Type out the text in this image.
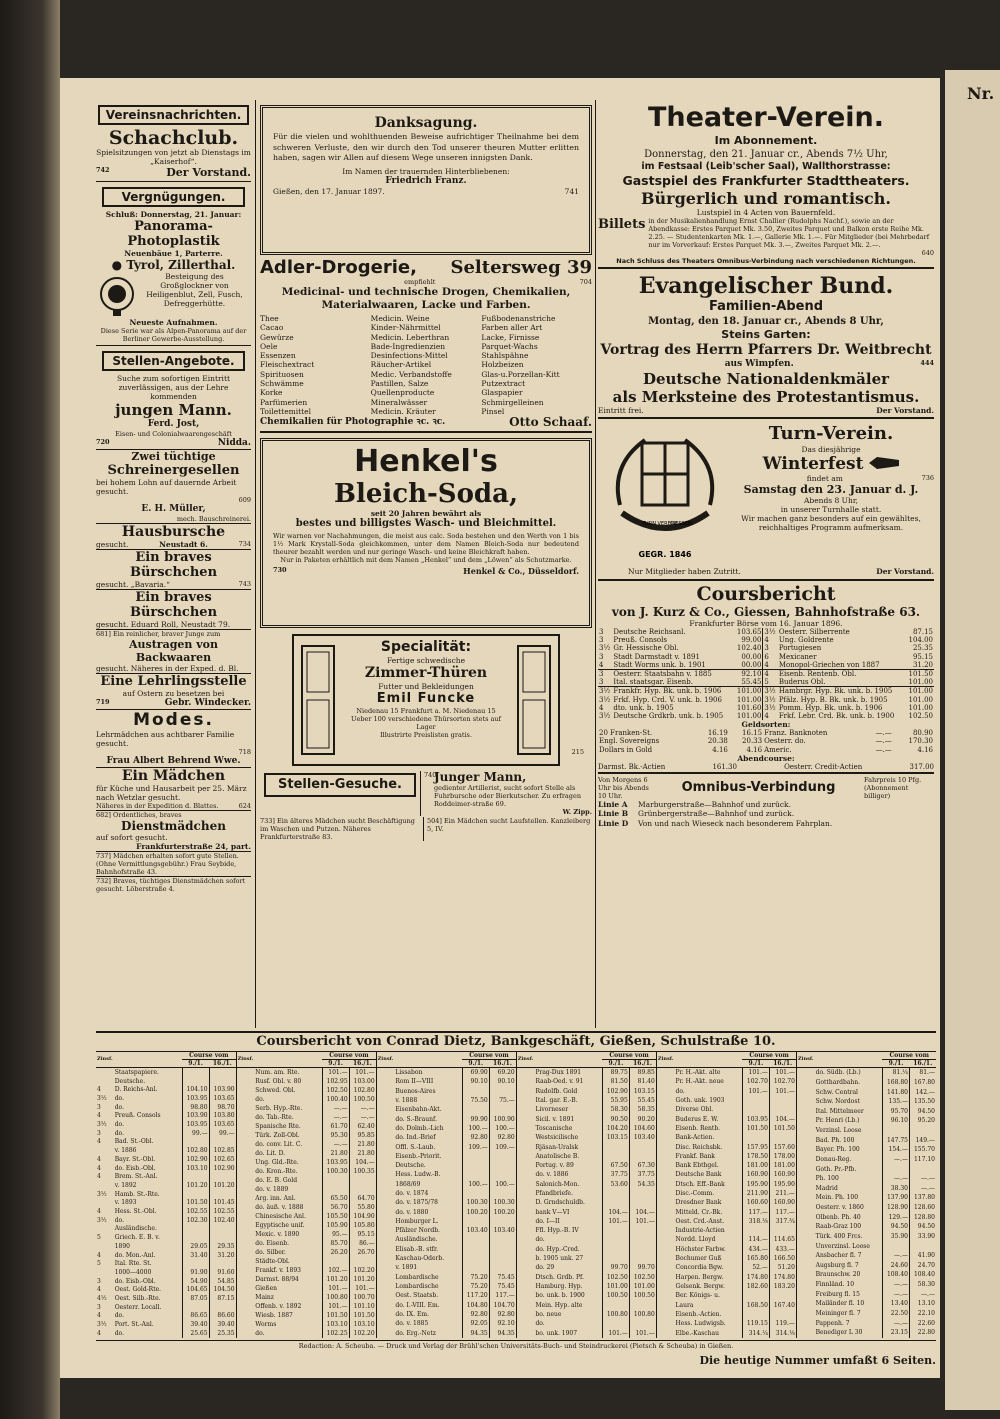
Nr.
Vereinsnachrichten.
Schachclub.
Spielsitzungen von jetzt ab Dienstags im „Kaiserhof“.
742	Der Vorstand.
Vergnügungen.
Schluß: Donnerstag, 21. Januar:
Panorama-Photoplastik
Neuenbäue 1, Parterre.
● Tyrol, Zillerthal.
Besteigung des Großglockner von Heiligenblut, Zell, Fusch, Defreggerhütte.
Neueste Aufnahmen.
Diese Serie war als Alpen-Panorama auf der Berliner Gewerbe-Ausstellung.
Stellen-Angebote.
Suche zum sofortigen Eintritt zuverlässigen, aus der Lehre kommenden
jungen Mann.
Ferd. Jost,
Eisen- und Colonialwaarengeschäft
720	Nidda.
Zwei tüchtige
Schreinergesellen
bei hohem Lohn auf dauernde Arbeit gesucht.
609
E. H. Müller,
mech. Bauschreinerei.
Hausbursche
gesucht.	Neustadt 6.	734
Ein braves Bürschchen
gesucht. „Bavaria.“	743
Ein braves Bürschchen
gesucht. Eduard Roll, Neustadt 79.
681] Ein reinlicher, braver Junge zum
Austragen von Backwaaren
gesucht. Näheres in der Exped. d. Bl.
Eine Lehrlingsstelle
auf Ostern zu besetzen bei
719	Gebr. Windecker.
Modes.
Lehrmädchen aus achtbarer Familie gesucht.
718
Frau Albert Behrend Wwe.
Ein Mädchen
für Küche und Hausarbeit per 25. März nach Wetzlar gesucht.
Näheres in der Expedition d. Blattes.	624
682] Ordentliches, braves
Dienstmädchen
auf sofort gesucht.
Frankfurterstraße 24, part.
737] Mädchen erhalten sofort gute Stellen. (Ohne Vermittlungsgebühr.) Frau Seybide, Bahnhofstraße 43.
732] Braves, tüchtiges Dienstmädchen sofort gesucht. Löberstraße 4.
Danksagung.
Für die vielen und wohlthuenden Beweise aufrichtiger Theilnahme bei dem schweren Verluste, den wir durch den Tod unserer theuren Mutter erlitten haben, sagen wir Allen auf diesem Wege unseren innigsten Dank.
Im Namen der trauernden Hinterbliebenen:
Friedrich Franz.
Gießen, den 17. Januar 1897.	741
Adler-Drogerie, Seltersweg 39
empfiehlt	704
Medicinal- und technische Drogen, Chemikalien,
Materialwaaren, Lacke und Farben.
Thee
Cacao
Gewürze
Oele
Essenzen
Fleischextract
Spirituosen
Schwämme
Korke
Parfümerien
Toilettemittel
Medicin. Weine
Kinder-Nährmittel
Medicin. Leberthran
Bade-Ingredienzien
Desinfections-Mittel
Räucher-Artikel
Medic. Verbandstoffe
Pastillen, Salze
Quellenproducte
Mineralwässer
Medicin. Kräuter
Fußbodenanstriche
Farben aller Art
Lacke, Firnisse
Parquet-Wachs
Stahlspähne
Holzbeizen
Glas-u.Porzellan-Kitt
Putzextract
Glaspapier
Schmirgelleinen
Pinsel
Chemikalien für Photographie ꝛc. ꝛc.	Otto Schaaf.
Henkel's
Bleich-Soda,
seit 20 Jahren bewährt als
bestes und billigstes Wasch- und Bleichmittel.
Wir warnen vor Nachahmungen, die meist aus calc. Soda bestehen und den Werth von 1 bis 1½ Mark Krystall-Soda gleichkommen, unter dem Namen Bleich-Soda nur bedeutend theurer bezahlt werden und nur geringe Wasch- und keine Bleichkraft haben.
Nur in Paketen erhältlich mit dem Namen „Henkel“ und dem „Löwen“ als Schutzmarke.
730	Henkel & Co., Düsseldorf.
Specialität:
Fertige schwedische
Zimmer-Thüren
Futter und Bekleidungen
Emil Funcke
Niedenau 15 Frankfurt a. M. Niedenau 15
Ueber 100 verschiedene Thürsorten stets auf Lager
Illustrirte Preislisten gratis.
215
Stellen-Gesuche.
740
Junger Mann,
gedienter Artillerist, sucht sofort Stelle als Fuhrbursche oder Bierkutscher. Zu erfragen Roddeimer-straße 69.
W. Zipp.
733] Ein älteres Mädchen sucht Beschäftigung im Waschen und Putzen. Näheres Frankfurterstraße 83.
504] Ein Mädchen sucht Laufstellen. Kanzleiberg 5, IV.
Theater-Verein.
Im Abonnement.
Donnerstag, den 21. Januar cr., Abends 7½ Uhr,
im Festsaal (Leib'scher Saal), Wallthorstrasse:
Gastspiel des Frankfurter Stadttheaters.
Bürgerlich und romantisch.
Lustspiel in 4 Acten von Bauernfeld.
Billets in der Musikalienhandlung Ernst Challier (Rudolphs Nachf.), sowie an der Abendkasse: Erstes Parquet Mk. 3.50, Zweites Parquet und Balkon erste Reihe Mk. 2.25. — Studentenkarten Mk. 1.—, Gallerie Mk. 1.—. Für Mitglieder (bei Mehrbedarf nur im Vorverkauf: Erstes Parquet Mk. 3.—, Zweites Parquet Mk. 2.—.
640
Nach Schluss des Theaters Omnibus-Verbindung nach verschiedenen Richtungen.
Evangelischer Bund.
Familien-Abend
Montag, den 18. Januar cr., Abends 8 Uhr,
Steins Garten:
Vortrag des Herrn Pfarrers Dr. Weitbrecht
aus Wimpfen.	444
Deutsche Nationaldenkmäler
als Merksteine des Protestantismus.
Eintritt frei.	Der Vorstand.
GEGR. 1846
TURN VEREIN
GIESSEN
Turn-Verein.
Das diesjährige
Winterfest
findet am	736
Samstag den 23. Januar d. J.
Abends 8 Uhr,
in unserer Turnhalle statt.
Wir machen ganz besonders auf ein gewähltes, reichhaltiges Programm aufmerksam.
Nur Mitglieder haben Zutritt.	Der Vorstand.
Coursbericht
von J. Kurz & Co., Giessen, Bahnhofstraße 63.
Frankfurter Börse vom 16. Januar 1896.
3	Deutsche Reichsanl.	103.65	3½	Oesterr. Silberrente	87.15
3	Preuß. Consols	99.00	4	Ung. Goldrente	104.00
3½	Gr. Hessische Obl.	102.40	3	Portugiesen	25.35
3	Stadt Darmstadt v. 1891	00.00	6	Mexicaner	95.15
4	Stadt Worms unk. b. 1901	00.00	4	Monopol-Griechen von 1887	31.20
3	Oesterr. Staatsbahn v. 1885	92.10	4	Eisenb. Rentenb. Obl.	101.50
3	Ital. staatsgar. Eisenb.	55.45	5	Buderus Obl.	101.00
3½	Frankfr. Hyp. Bk. unk. b. 1906	101.00	3½	Hambrgr. Hyp. Bk. unk. b. 1905	101.00
3½	Frkf. Hyp. Crd. V. unk. b. 1906	101.00	3½	Pfälz. Hyp. B. Bk. unk. b. 1905	101.00
4	dto. unk. b. 1905	101.60	3½	Pomm. Hyp. Bk. unk. b. 1906	101.00
3½	Deutsche Grdkrb. unk. b. 1905	101.00	4	Frkf. Lebr. Crd. Bk. unk. b. 1900	102.50
Geldsorten:
20 Franken-St.	16.19	16.15	Franz. Banknoten	—.—	80.90
Engl. Sovereigns	20.38	20.33	Oesterr. do.	—.—	170.30
Dollars in Gold	4.16	4.16	Americ.	—.—	4.16
Abendcourse:
Darmst. Bk.-Actien	161.30	Oesterr. Credit-Actien	317.00
Von Morgens 6 Uhr bis Abends 10 Uhr.
Omnibus-Verbindung
Fahrpreis 10 Pfg. (Abonnement billiger)
Linie A	Marburgerstraße—Bahnhof und zurück.
Linie B	Grünbergerstraße—Bahnhof und zurück.
Linie D	Von und nach Wieseck nach besonderem Fahrplan.
Coursbericht von Conrad Dietz, Bankgeschäft, Gießen, Schulstraße 10.
Zinsf.		Course vom	
		9./1.	16./1.
	Staatspapiere.		
	Deutsche.		
4	D. Reichs-Anl.	104.10	103.90
3½	do.	103.95	103.65
3	do.	98.80	98.70
4	Preuß. Consols	103.90	103.80
3½	do.	103.95	103.65
3	do.	99.—	99.—
4	Bad. St.-Obl.		
	v. 1886	102.80	102.85
4	Bayr. St.-Obl.	102.90	102.65
4	do. Eisb.-Obl.	103.10	102.90
4	Brem. St.-Anl.		
	v. 1892	101.20	101.20
3½	Hamb. St.-Rte.		
	v. 1893	101.50	101.45
4	Hess. St.-Obl.	102.55	102.55
3½	do.	102.30	102.40
	Ausländische.		
5	Griech. E. B. v.		
	1890	29.05	29.35
4	do. Mon.-Anl.	31.40	31.20
5	Ital. Rte. St.		
	1000—4000	91.90	91.60
3	do. Eisb.-Obl.	54.90	54.85
4	Oest. Gold-Rte.	104.65	104.50
4½	Oest. Silb.-Rte.	87.05	87.15
3	Oesterr. Locall.		
4	do.	86.65	86.60
3½	Port. St.-Anl.	39.40	39.40
4	do.	25.65	25.35
Zinsf.		Course vom	
		9./1.	16./1.
	Num. am. Rte.	101.—	101.—
	Rusf. Obl. v. 80	102.95	103.00
	Schwed. Obl.	102.50	102.80
	do.	100.40	100.50
	Serb. Hyp.-Rte.	—.—	—.—
	do. Tab.-Rte.	—.—	—.—
	Spanische Rte.	61.70	62.40
	Türk. Zoll-Obl.	95.30	95.85
	do. conv. Lit. C.	—.—	21.80
	do. Lit. D.	21.80	21.80
	Ung. Gld.-Rte.	103.95	104.—
	do. Kron.-Rte.	100.30	100.35
	do. E. B. Gold		
	do. v. 1889		
	Arg. inn. Anl.	65.50	64.70
	do. äuß. v. 1888	56.70	55.80
	Chinesische Anl.	105.50	104.90
	Egyptische unif.	105.90	105.80
	Mexic. v. 1890	95.—	95.15
	do. Eisenb.	85.70	86.—
	do. Silber.	26.20	26.70

	Städte-Obl.		
	Frankf. v. 1893	102.—	102.20
	Darmst. 88/94	101.20	101.20
	Gießen	101.—	101.—
	Mainz	100.80	100.70
	Offenb. v. 1892	101.—	101.10
	Wiesb. 1887	101.50	101.50
	Worms	103.10	103.10
	do.	102.25	102.20
Zinsf.		Course vom	
		9./1.	16./1.
	Lissabon	69.90	69.20
	Rom II—VIII	90.10	90.10
	Buenos-Aires		
	v. 1888	75.50	75.—

	Eisenbahn-Akt.		
	do. S.-Braunf.	99.90	100.90
	do. Dolmb.-Lich	100.—	100.—
	do. Ind.-Brief	92.80	92.80
	Offl. S.-Laub.	109.—	109.—

	Eisenb.-Priorit.		
	Deutsche.		
	Hess. Ludw.-B.		
	1868/69	100.—	100.—
	do. v. 1874		
	do. v. 1875/78	100.30	100.30
	do. v. 1880	100.20	100.20
	Homburger L.		
	Pfälzer Nordb.	103.40	103.40
	Ausländische.		
	Elisab.-B. stfr.		
	Kaschau-Oderb.		
	v. 1891		
	Lombardische	75.20	75.45
	Lombardische	75.20	75.45
	Oest. Staatsb.	117.20	117.—
	do. I.-VIII. Em.	104.80	104.70
	do. IX. Em.	92.80	92.80
	do. v. 1885	92.05	92.10
	do. Erg.-Netz	94.35	94.35
Zinsf.		Course vom	
		9./1.	16./1.
	Prag-Dux 1891	89.75	89.85
	Raab-Oed. v. 91	81.50	81.40
	Rudolfb. Gold	102.90	103.15
	Ital. gar. E.-B.	55.95	55.45
	Livorneser	58.30	58.35
	Sicil. v. 1891	90.50	90.20
	Toscanische	104.20	104.60
	Westsicilische	103.15	103.40
	Rjäsan-Uralsk		
	Anatolische B.		
	Portug. v. 89	67.50	67.30
	do. v. 1886	37.75	37.75
	Salonich-Mon.	53.60	54.35

	Pfandbriefe.		
	D. Grndschuldb.		
	bank V—VI	104.—	104.—
	do. I—II	101.—	101.—
	Ffl. Hyp.-B. IV		
	do.		
	do. Hyp.-Cred.		
	b. 1905 unk. 27		
	do. 29	99.70	99.70
	Dtsch. Grdb. Pf.	102.50	102.50
	Hamburg. Hyp.	101.00	101.00
	bo. unk. b. 1900	100.50	100.50
	Mein. Hyp. alte		
	bo. neue	100.80	100.80
	do.		
	bo. unk. 1907	101.—	101.—

Zinsf.		Course vom	
		9./1.	16./1.
	Pr. H.-Akt. alte	101.—	101.—
	Pr. H.-Akt. neue	102.70	102.70
	do.	101.—	101.—
	Goth. unk. 1903		
	Diverse Obl.		
	Buderus E. W.	103.95	104.—
	Eisenb. Rentb.	101.50	101.50

	Bank-Actien.		
	Disc. Reichsbk.	157.95	157.60
	Frankf. Bank	178.50	178.00
	Bank Ebthgel.	181.00	181.00
	Deutsche Bank	160.90	160.90
	Dtsch. Eff.-Bank	195.90	195.90
	Disc.-Comm.	211.90	211.—
	Dresdner Bank	160.60	160.90
	Mitteld. Cr.-Bk.	117.—	117.—
	Oest. Crd.-Anst.	318.⅛	317.¾
	Industrie-Actien		
	Nordd. Lloyd	114.—	114.65
	Höchster Farbw.	434.—	433.—
	Bochumer Guß	165.80	166.50
	Concordia Bgw.	52.—	51.20
	Harpen. Bergw.	174.80	174.80
	Gelsenk. Bergw.	182.60	183.20
	Ber. Königs- u.		
	Laura	168.50	167.40

	Eisenb.-Actien.		
	Hess. Ludwigsb.	119.15	119.—
	Elbe.-Kaschau	314.¼	314.⅛
Zinsf.		Course vom	
		9./1.	16./1.
	do. Südb. (Lb.)	81.¼	81.—
	Gotthardbahn.	168.80	167.80
	Schw. Central	141.80	142.—
	Schw. Nordost	135.—	135.50
	Ital. Mittelmeer	95.70	94.50
	Pr. Henri (Lb.)	96.10	95.20

	Verzinsl. Loose		
	Bad. Ph. 100	147.75	149.—
	Bayer. Ph. 100	154.—	155.70
	Donau-Reg.	—.—	117.10
	Goth. Pr.-Pfb.		
	Ph. 100	—.—	—.—
	Madrid	38.30	—.—
	Mein. Ph. 100	137.90	137.80
	Oesterr. v. 1860	128.90	128.60
	Olbenb. Ph. 40	129.—	128.80
	Raab-Graz 100	94.50	94.50
	Türk. 400 Frcs.	35.90	33.90

	Unverzinsl. Loose		
	Ansbacher fl. 7	—.—	41.90
	Augsburg fl. 7	24.60	24.70
	Braunschw. 20	108.40	108.40
	Finnländ. 10	—.—	58.30
	Freiburg fl. 15	—.—	—.—
	Mailänder fl. 10	13.40	13.10
	Meininger fl. 7	22.50	22.10
	Pappenh. 7	—.—	22.60
	Benediger L 30	23.15	22.80

Redaction: A. Scheuba. — Druck und Verlag der Brühl'schen Universitäts-Buch- und Steindruckerei (Pietsch & Scheuba) in Gießen.
Die heutige Nummer umfaßt 6 Seiten.
